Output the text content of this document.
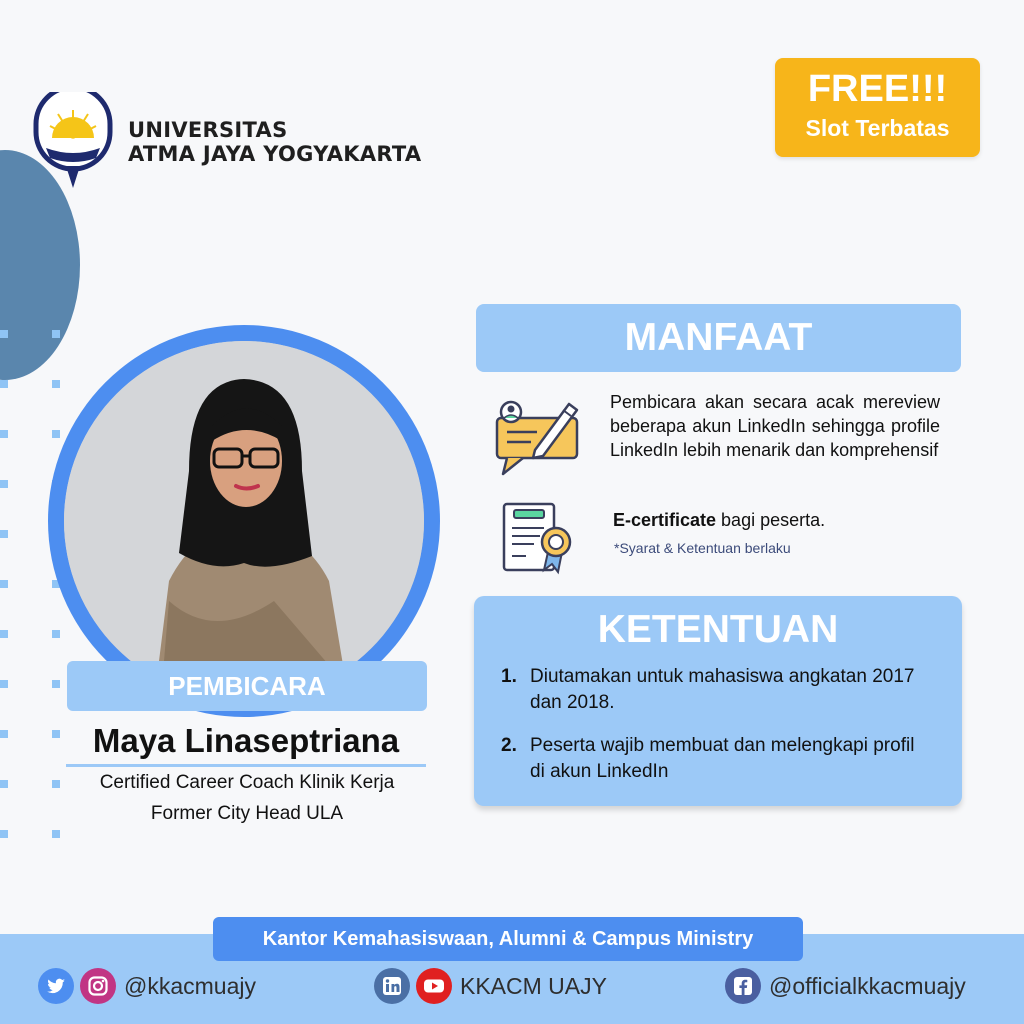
UNIVERSITAS
ATMA JAYA YOGYAKARTA
FREE!!!
Slot Terbatas
PEMBICARA
Maya Linaseptriana
Certified Career Coach Klinik Kerja
Former City Head ULA
MANFAAT
Pembicara akan secara acak mereview beberapa akun LinkedIn sehingga profile LinkedIn lebih menarik dan komprehensif
E-certificate bagi peserta.
*Syarat & Ketentuan berlaku
KETENTUAN
1. Diutamakan untuk mahasiswa angkatan 2017 dan 2018.
2. Peserta wajib membuat dan melengkapi profil di akun LinkedIn
Kantor Kemahasiswaan, Alumni & Campus Ministry
@kkacmuajy	KKACM UAJY	@officialkkacmuajy
